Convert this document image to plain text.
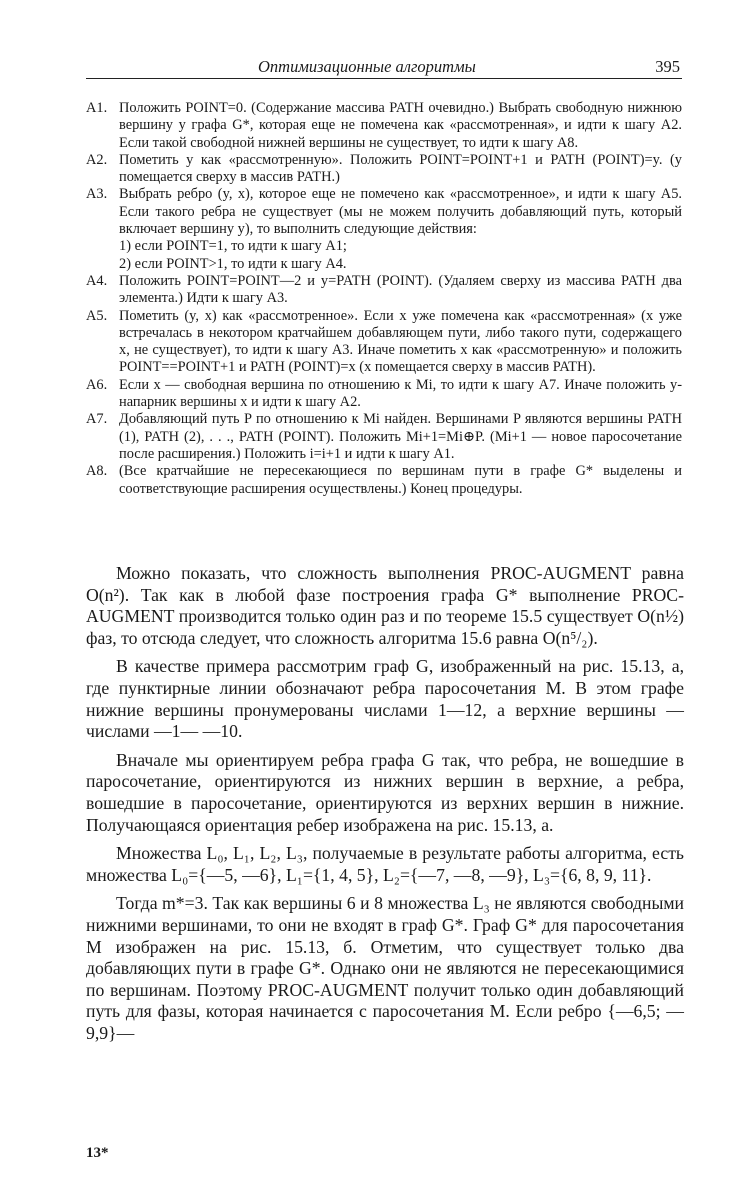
Оптимизационные алгоритмы	395
А1. Положить POINT=0. (Содержание массива PATH очевидно.) Выбрать свободную нижнюю вершину y графа G*, которая еще не помечена как «рассмотренная», и идти к шагу А2. Если такой свободной нижней вершины не существует, то идти к шагу А8.
А2. Пометить y как «рассмотренную». Положить POINT=POINT+1 и PATH (POINT)=y. (y помещается сверху в массив PATH.)
А3. Выбрать ребро (y, x), которое еще не помечено как «рассмотренное», и идти к шагу А5. Если такого ребра не существует (мы не можем получить добавляющий путь, который включает вершину y), то выполнить следующие действия:
1) если POINT=1, то идти к шагу А1;
2) если POINT>1, то идти к шагу А4.
А4. Положить POINT=POINT—2 и y=PATH (POINT). (Удаляем сверху из массива PATH два элемента.) Идти к шагу А3.
А5. Пометить (y, x) как «рассмотренное». Если x уже помечена как «рассмотренная» (x уже встречалась в некотором кратчайшем добавляющем пути, либо такого пути, содержащего x, не существует), то идти к шагу А3. Иначе пометить x как «рассмотренную» и положить POINT==POINT+1 и PATH (POINT)=x (x помещается сверху в массив PATH).
А6. Если x — свободная вершина по отношению к Mi, то идти к шагу А7. Иначе положить y-напарник вершины x и идти к шагу А2.
А7. Добавляющий путь P по отношению к Mi найден. Вершинами P являются вершины PATH (1), PATH (2), . . ., PATH (POINT). Положить Mi+1=Mi⊕P. (Mi+1 — новое паросочетание после расширения.) Положить i=i+1 и идти к шагу А1.
А8. (Все кратчайшие не пересекающиеся по вершинам пути в графе G* выделены и соответствующие расширения осуществлены.) Конец процедуры.

Можно показать, что сложность выполнения PROC-AUGMENT равна O(n²). Так как в любой фазе построения графа G* выполнение PROC-AUGMENT производится только один раз и по теореме 15.5 существует O(n½) фаз, то отсюда следует, что сложность алгоритма 15.6 равна O(n⁵/₂).

В качестве примера рассмотрим граф G, изображенный на рис. 15.13, а, где пунктирные линии обозначают ребра паросочетания M. В этом графе нижние вершины пронумерованы числами 1—12, а верхние вершины — числами —1— —10.

Вначале мы ориентируем ребра графа G так, что ребра, не вошедшие в паросочетание, ориентируются из нижних вершин в верхние, а ребра, вошедшие в паросочетание, ориентируются из верхних вершин в нижние. Получающаяся ориентация ребер изображена на рис. 15.13, а.

Множества L₀, L₁, L₂, L₃, получаемые в результате работы алгоритма, есть множества L₀={—5, —6}, L₁={1, 4, 5}, L₂={—7, —8, —9}, L₃={6, 8, 9, 11}.

Тогда m*=3. Так как вершины 6 и 8 множества L₃ не являются свободными нижними вершинами, то они не входят в граф G*. Граф G* для паросочетания M изображен на рис. 15.13, б. Отметим, что существует только два добавляющих пути в графе G*. Однако они не являются не пересекающимися по вершинам. Поэтому PROC-AUGMENT получит только один добавляющий путь для фазы, которая начинается с паросочетания M. Если ребро {—6,5; —9,9}—

13*
